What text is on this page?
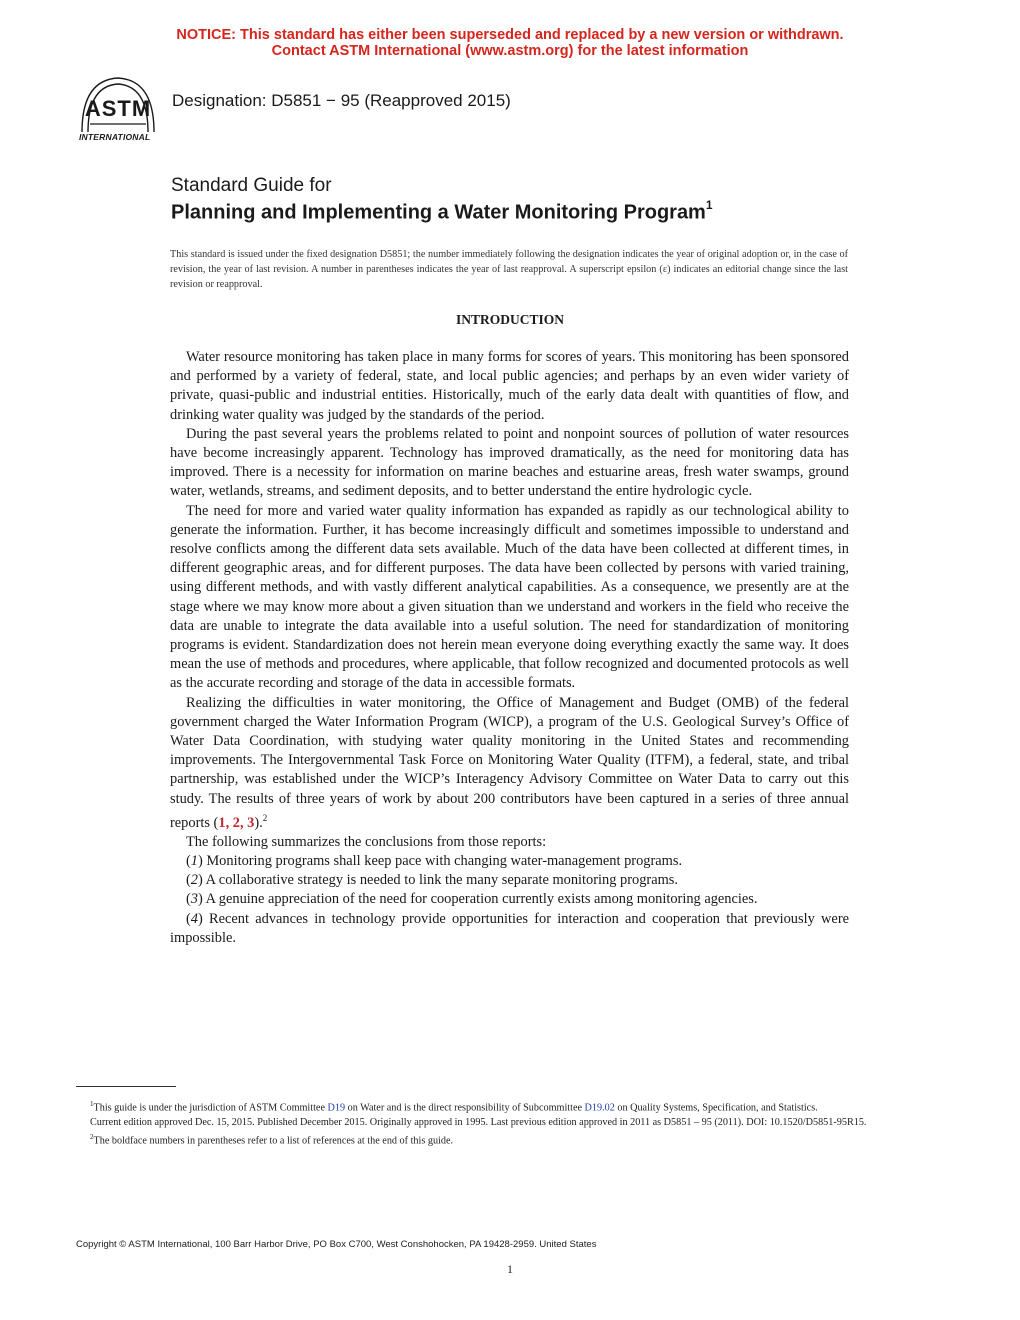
NOTICE: This standard has either been superseded and replaced by a new version or withdrawn.
Contact ASTM International (www.astm.org) for the latest information
ASTM
INTERNATIONAL
Designation: D5851 − 95 (Reapproved 2015)
Standard Guide for
Planning and Implementing a Water Monitoring Program$^1$
This standard is issued under the fixed designation D5851; the number immediately following the designation indicates the year of original adoption or, in the case of revision, the year of last revision. A number in parentheses indicates the year of last reapproval. A superscript epsilon (ε) indicates an editorial change since the last revision or reapproval.
INTRODUCTION

Water resource monitoring has taken place in many forms for scores of years. This monitoring has been sponsored and performed by a variety of federal, state, and local public agencies; and perhaps by an even wider variety of private, quasi-public and industrial entities. Historically, much of the early data dealt with quantities of flow, and drinking water quality was judged by the standards of the period.

During the past several years the problems related to point and nonpoint sources of pollution of water resources have become increasingly apparent. Technology has improved dramatically, as the need for monitoring data has improved. There is a necessity for information on marine beaches and estuarine areas, fresh water swamps, ground water, wetlands, streams, and sediment deposits, and to better understand the entire hydrologic cycle.

The need for more and varied water quality information has expanded as rapidly as our technological ability to generate the information. Further, it has become increasingly difficult and sometimes impossible to understand and resolve conflicts among the different data sets available. Much of the data have been collected at different times, in different geographic areas, and for different purposes. The data have been collected by persons with varied training, using different methods, and with vastly different analytical capabilities. As a consequence, we presently are at the stage where we may know more about a given situation than we understand and workers in the field who receive the data are unable to integrate the data available into a useful solution. The need for standardization of monitoring programs is evident. Standardization does not herein mean everyone doing everything exactly the same way. It does mean the use of methods and procedures, where applicable, that follow recognized and documented protocols as well as the accurate recording and storage of the data in accessible formats.

Realizing the difficulties in water monitoring, the Office of Management and Budget (OMB) of the federal government charged the Water Information Program (WICP), a program of the U.S. Geological Survey’s Office of Water Data Coordination, with studying water quality monitoring in the United States and recommending improvements. The Intergovernmental Task Force on Monitoring Water Quality (ITFM), a federal, state, and tribal partnership, was established under the WICP’s Interagency Advisory Committee on Water Data to carry out this study. The results of three years of work by about 200 contributors have been captured in a series of three annual reports (1, 2, 3).$^2$

The following summarizes the conclusions from those reports:

(1) Monitoring programs shall keep pace with changing water-management programs.

(2) A collaborative strategy is needed to link the many separate monitoring programs.

(3) A genuine appreciation of the need for cooperation currently exists among monitoring agencies.

(4) Recent advances in technology provide opportunities for interaction and cooperation that previously were impossible.

$^1$This guide is under the jurisdiction of ASTM Committee D19 on Water and is the direct responsibility of Subcommittee D19.02 on Quality Systems, Specification, and Statistics.

Current edition approved Dec. 15, 2015. Published December 2015. Originally approved in 1995. Last previous edition approved in 2011 as D5851 – 95 (2011). DOI: 10.1520/D5851-95R15.

$^2$The boldface numbers in parentheses refer to a list of references at the end of this guide.

Copyright © ASTM International, 100 Barr Harbor Drive, PO Box C700, West Conshohocken, PA 19428-2959. United States
1
